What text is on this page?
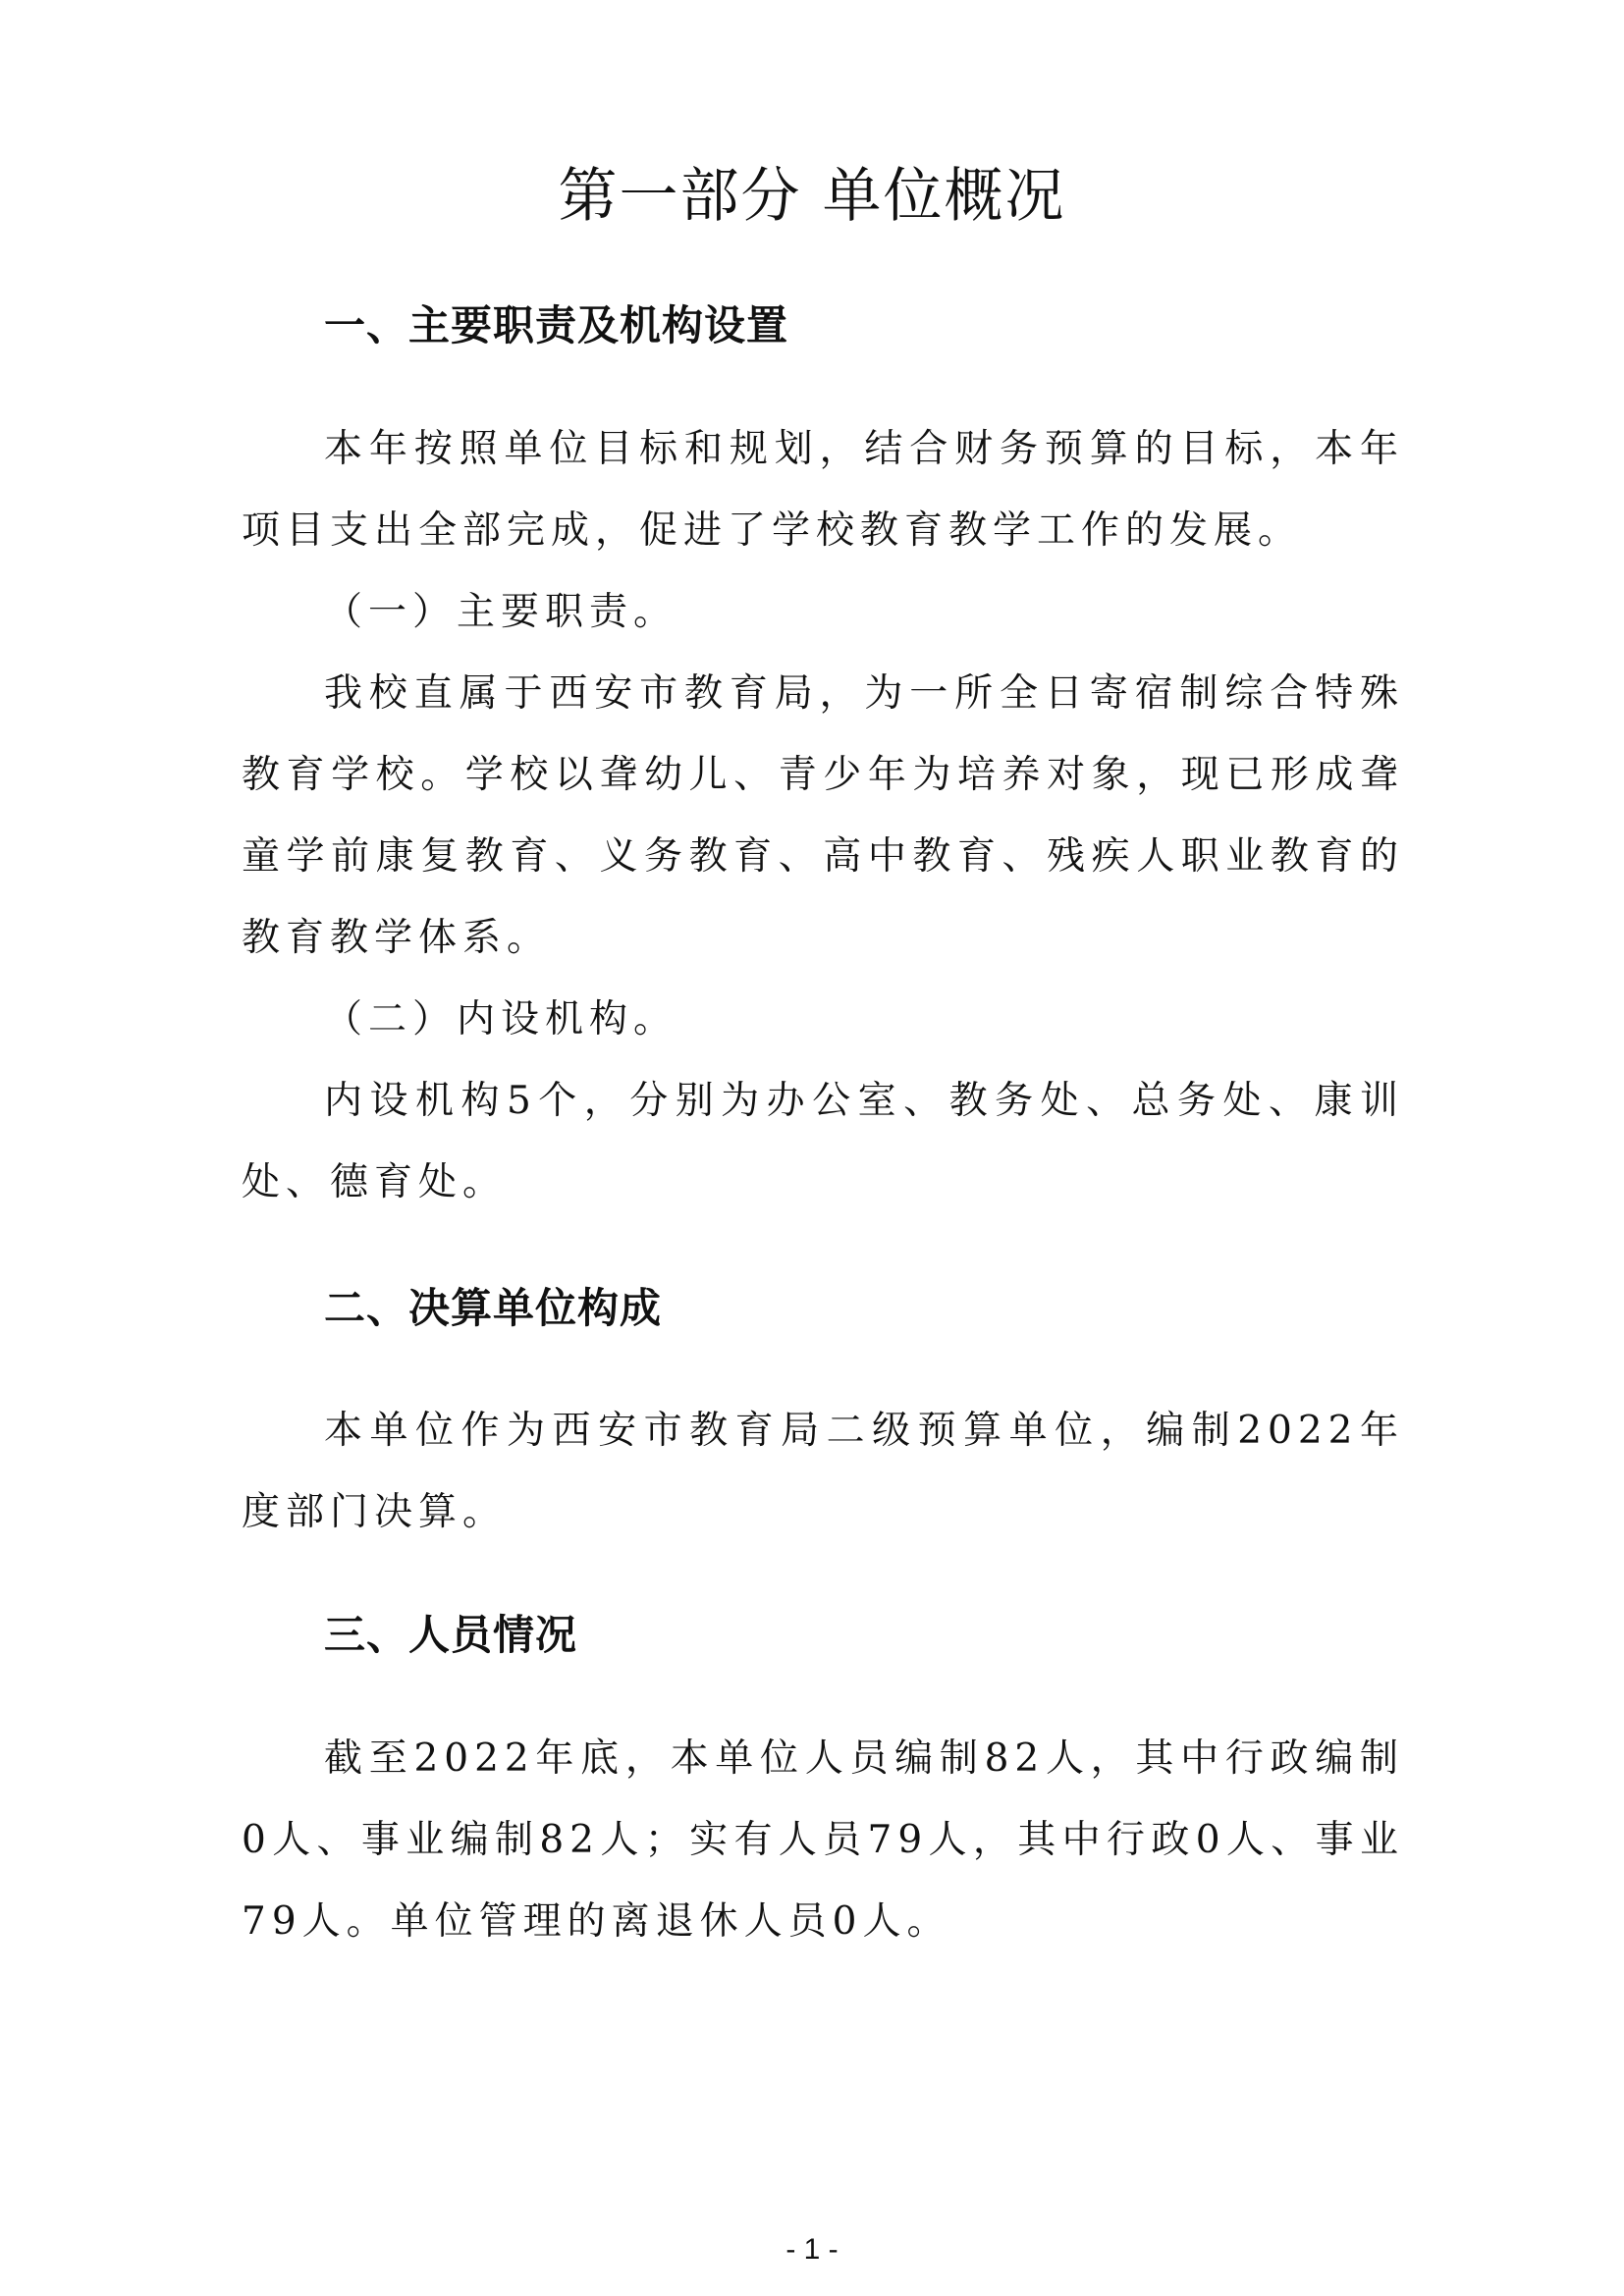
第一部分 单位概况
一、主要职责及机构设置
本年按照单位目标和规划，结合财务预算的目标，本年项目支出全部完成，促进了学校教育教学工作的发展。
（一）主要职责。
我校直属于西安市教育局，为一所全日寄宿制综合特殊教育学校。学校以聋幼儿、青少年为培养对象，现已形成聋童学前康复教育、义务教育、高中教育、残疾人职业教育的教育教学体系。
（二）内设机构。
内设机构5个，分别为办公室、教务处、总务处、康训处、德育处。
二、决算单位构成
本单位作为西安市教育局二级预算单位，编制2022年度部门决算。
三、人员情况
截至2022年底，本单位人员编制82人，其中行政编制0人、事业编制82人；实有人员79人，其中行政0人、事业79人。单位管理的离退休人员0人。
- 1 -
